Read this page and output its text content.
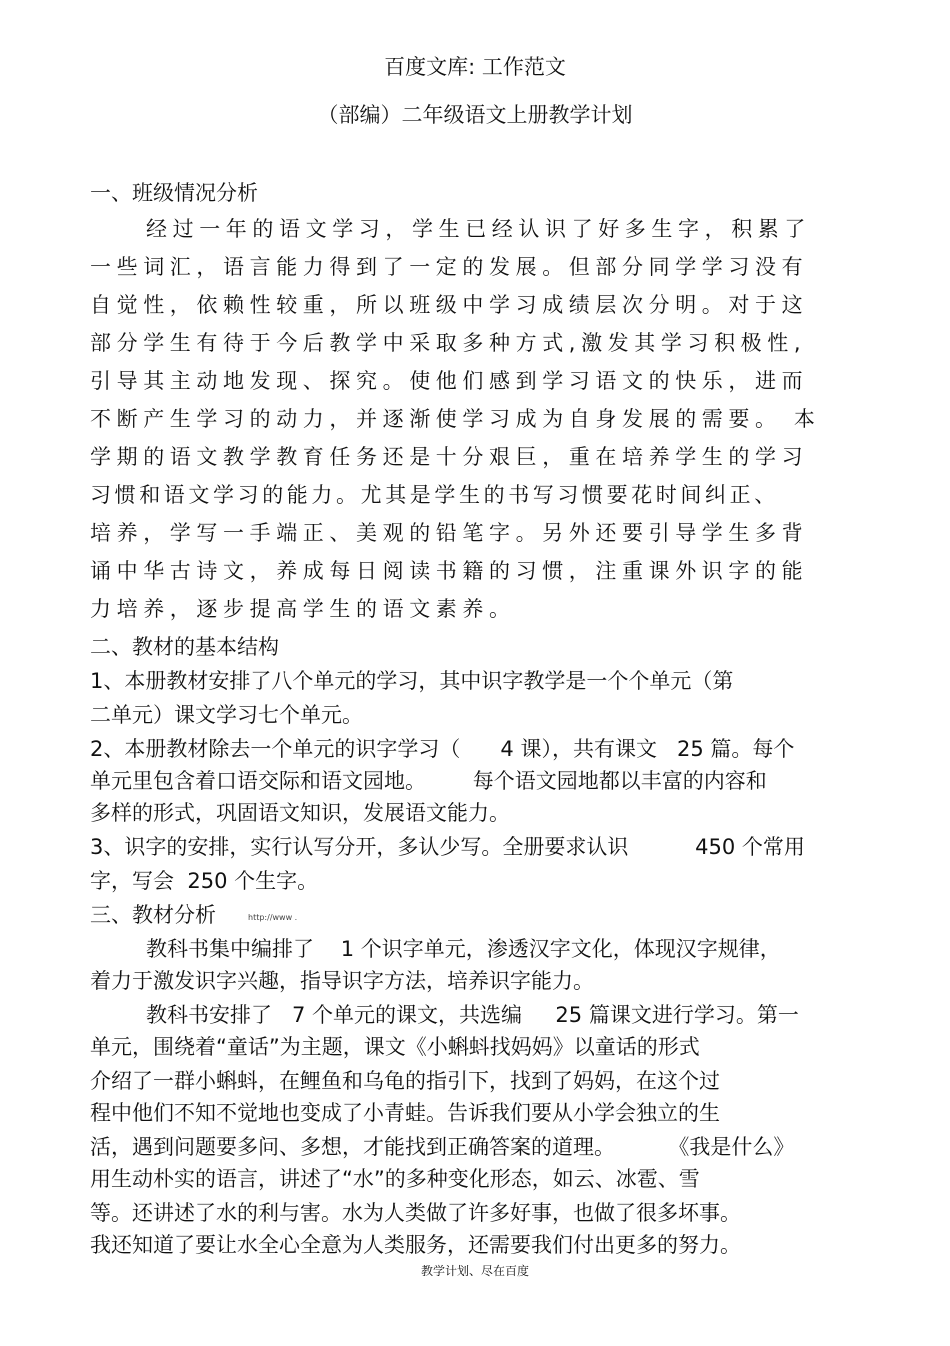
百度文库: 工作范文
（部编）二年级语文上册教学计划
一、班级情况分析
经过一年的语文学习，学生已经认识了好多生字，积累了
一些词汇，语言能力得到了一定的发展。但部分同学学习没有
自觉性，依赖性较重，所以班级中学习成绩层次分明。对于这
部分学生有待于今后教学中采取多种方式,激发其学习积极性,
引导其主动地发现、探究。使他们感到学习语文的快乐，进而
不断产生学习的动力，并逐渐使学习成为自身发展的需要。 本
学期的语文教学教育任务还是十分艰巨，重在培养学生的学习
习惯和语文学习的能力。尤其是学生的书写习惯要花时间纠正、
培养，学写一手端正、美观的铅笔字。另外还要引导学生多背
诵中华古诗文，养成每日阅读书籍的习惯，注重课外识字的能
力培养，逐步提高学生的语文素养。
二、教材的基本结构
1、本册教材安排了八个单元的学习，其中识字教学是一个个单元（第
二单元）课文学习七个单元。
2、本册教材除去一个单元的识字学习（      4 课），共有课文   25 篇。每个
单元里包含着口语交际和语文园地。       每个语文园地都以丰富的内容和
多样的形式，巩固语文知识，发展语文能力。
3、识字的安排，实行认写分开，多认少写。全册要求认识          450 个常用
字，写会  250 个生字。
三、教材分析	http://www .
教科书集中编排了    1 个识字单元，渗透汉字文化，体现汉字规律，
着力于激发识字兴趣，指导识字方法，培养识字能力。
教科书安排了   7 个单元的课文，共选编     25 篇课文进行学习。第一
单元，围绕着“童话”为主题，课文《小蝌蚪找妈妈》以童话的形式
介绍了一群小蝌蚪，在鲤鱼和乌龟的指引下，找到了妈妈，在这个过
程中他们不知不觉地也变成了小青蛙。告诉我们要从小学会独立的生
活，遇到问题要多问、多想，才能找到正确答案的道理。        《我是什么》
用生动朴实的语言，讲述了“水”的多种变化形态，如云、冰雹、雪
等。还讲述了水的利与害。水为人类做了许多好事，也做了很多坏事。
我还知道了要让水全心全意为人类服务，还需要我们付出更多的努力。
教学计划、尽在百度
